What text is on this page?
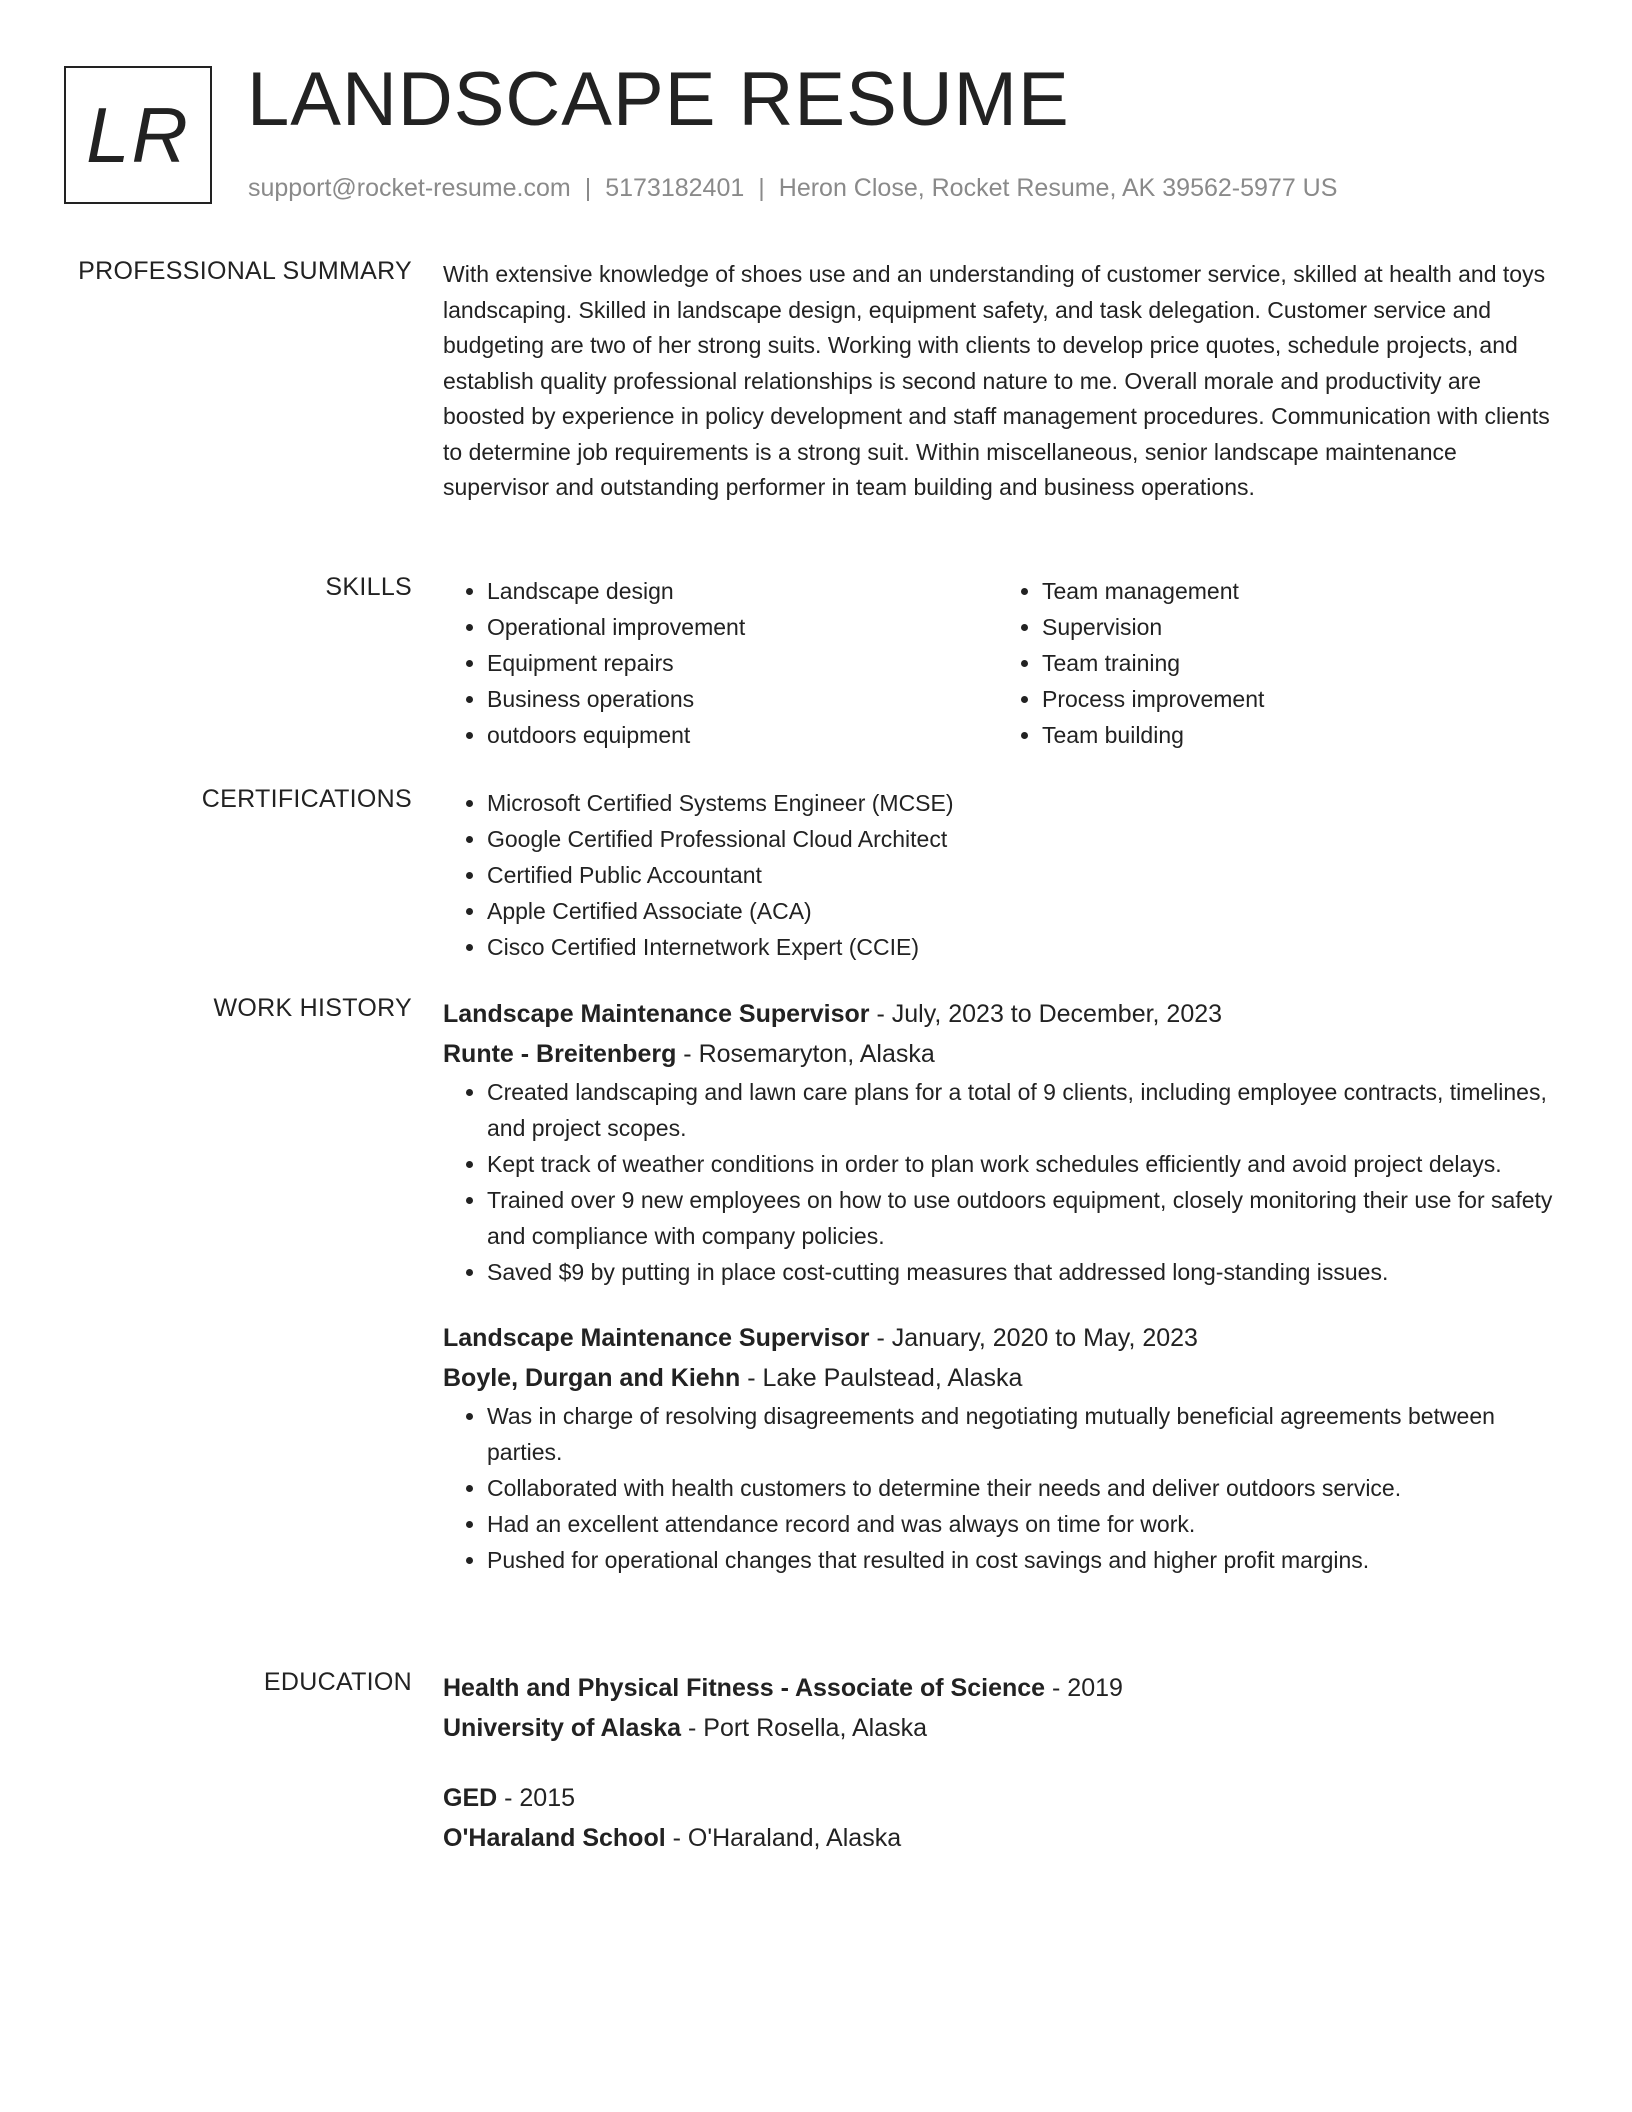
LR LANDSCAPE RESUME
support@rocket-resume.com | 5173182401 | Heron Close, Rocket Resume, AK 39562-5977 US
PROFESSIONAL SUMMARY With extensive knowledge of shoes use and an understanding of customer service, skilled at health and toys landscaping. Skilled in landscape design, equipment safety, and task delegation. Customer service and budgeting are two of her strong suits. Working with clients to develop price quotes, schedule projects, and establish quality professional relationships is second nature to me. Overall morale and productivity are boosted by experience in policy development and staff management procedures. Communication with clients to determine job requirements is a strong suit. Within miscellaneous, senior landscape maintenance supervisor and outstanding performer in team building and business operations.
SKILLS	• Landscape design
• Operational improvement
• Equipment repairs
• Business operations
• outdoors equipment
• Team management
• Supervision
• Team training
• Process improvement
• Team building
CERTIFICATIONS	• Microsoft Certified Systems Engineer (MCSE)
• Google Certified Professional Cloud Architect
• Certified Public Accountant
• Apple Certified Associate (ACA)
• Cisco Certified Internetwork Expert (CCIE)
WORK HISTORY Landscape Maintenance Supervisor - July, 2023 to December, 2023
Runte - Breitenberg - Rosemaryton, Alaska
• Created landscaping and lawn care plans for a total of 9 clients, including employee contracts, timelines, and project scopes.
• Kept track of weather conditions in order to plan work schedules efficiently and avoid project delays.
• Trained over 9 new employees on how to use outdoors equipment, closely monitoring their use for safety and compliance with company policies.
• Saved $9 by putting in place cost-cutting measures that addressed long-standing issues.
Landscape Maintenance Supervisor - January, 2020 to May, 2023
Boyle, Durgan and Kiehn - Lake Paulstead, Alaska
• Was in charge of resolving disagreements and negotiating mutually beneficial agreements between parties.
• Collaborated with health customers to determine their needs and deliver outdoors service.
• Had an excellent attendance record and was always on time for work.
• Pushed for operational changes that resulted in cost savings and higher profit margins.
EDUCATION Health and Physical Fitness - Associate of Science - 2019
University of Alaska - Port Rosella, Alaska
GED - 2015
O'Haraland School - O'Haraland, Alaska
